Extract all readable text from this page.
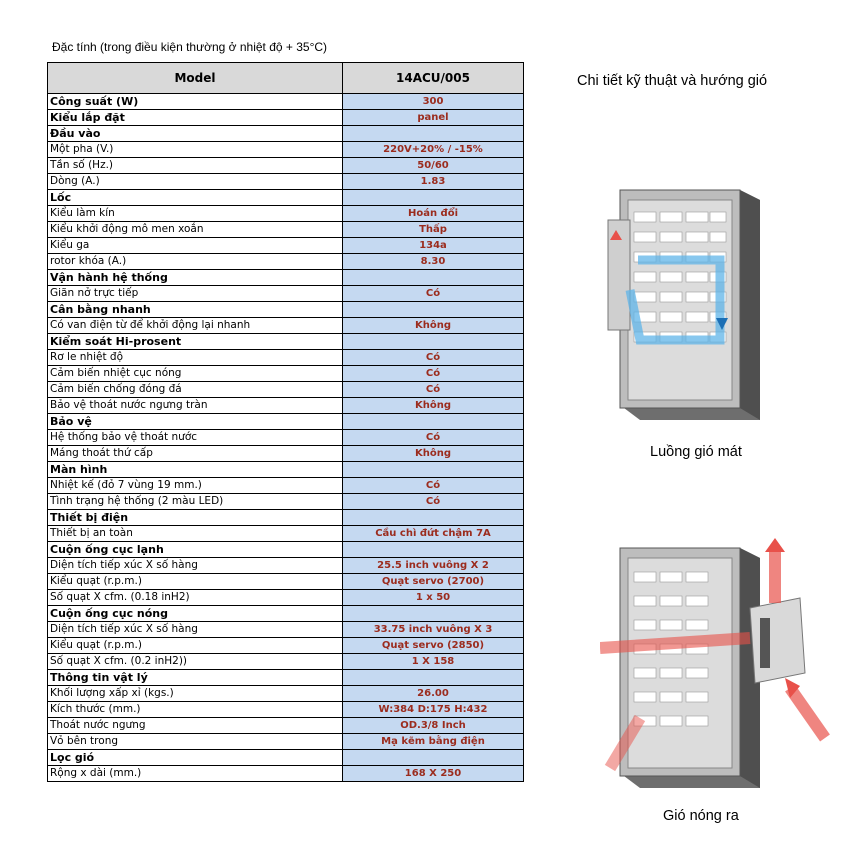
Đặc tính (trong điều kiện thường ở nhiệt độ + 35°C)
Model	14ACU/005
Công suất (W)	300
Kiểu lắp đặt	panel
Đầu vào	
Một pha (V.)	220V+20% / -15%
Tần số (Hz.)	50/60
Dòng (A.)	1.83
Lốc	
Kiểu làm kín	Hoán đổi
Kiểu khởi động mô men xoắn	Thấp
Kiểu ga	134a
rotor khóa (A.)	8.30
Vận hành hệ thống	
Giãn nở trực tiếp	Có
Cân bằng nhanh	
Có van điện từ để khởi động lại nhanh	Không
Kiểm soát Hi-prosent	
Rơ le nhiệt độ	Có
Cảm biến nhiệt cục nóng	Có
Cảm biến chống đóng đá	Có
Bảo vệ thoát nước ngưng tràn	Không
Bảo vệ	
Hệ thống bảo vệ thoát nước	Có
Máng thoát thứ cấp	Không
Màn hình	
Nhiệt kế (đỏ 7 vùng 19 mm.)	Có
Tình trạng hệ thống (2 màu LED)	Có
Thiết bị điện	
Thiết bị an toàn	Cầu chì đứt chậm 7A
Cuộn ống cục lạnh	
Diện tích tiếp xúc X số hàng	25.5 inch vuông X 2
Kiểu quạt (r.p.m.)	Quạt servo (2700)
Số quạt X cfm. (0.18 inH2)	1 x 50
Cuộn ống cục nóng	
Diện tích tiếp xúc X số hàng	33.75 inch vuông X 3
Kiểu quạt (r.p.m.)	Quạt servo (2850)
Số quạt X cfm. (0.2 inH2))	1 X 158
Thông tin vật lý	
Khối lượng xấp xỉ (kgs.)	26.00
Kích thước (mm.)	W:384 D:175 H:432
Thoát nước ngưng	OD.3/8 Inch
Vỏ bên trong	Mạ kẽm bằng điện
Lọc gió	
Rộng x dài (mm.)	168 X 250
Chi tiết kỹ thuật và hướng gió
Luồng gió mát
Gió nóng ra
